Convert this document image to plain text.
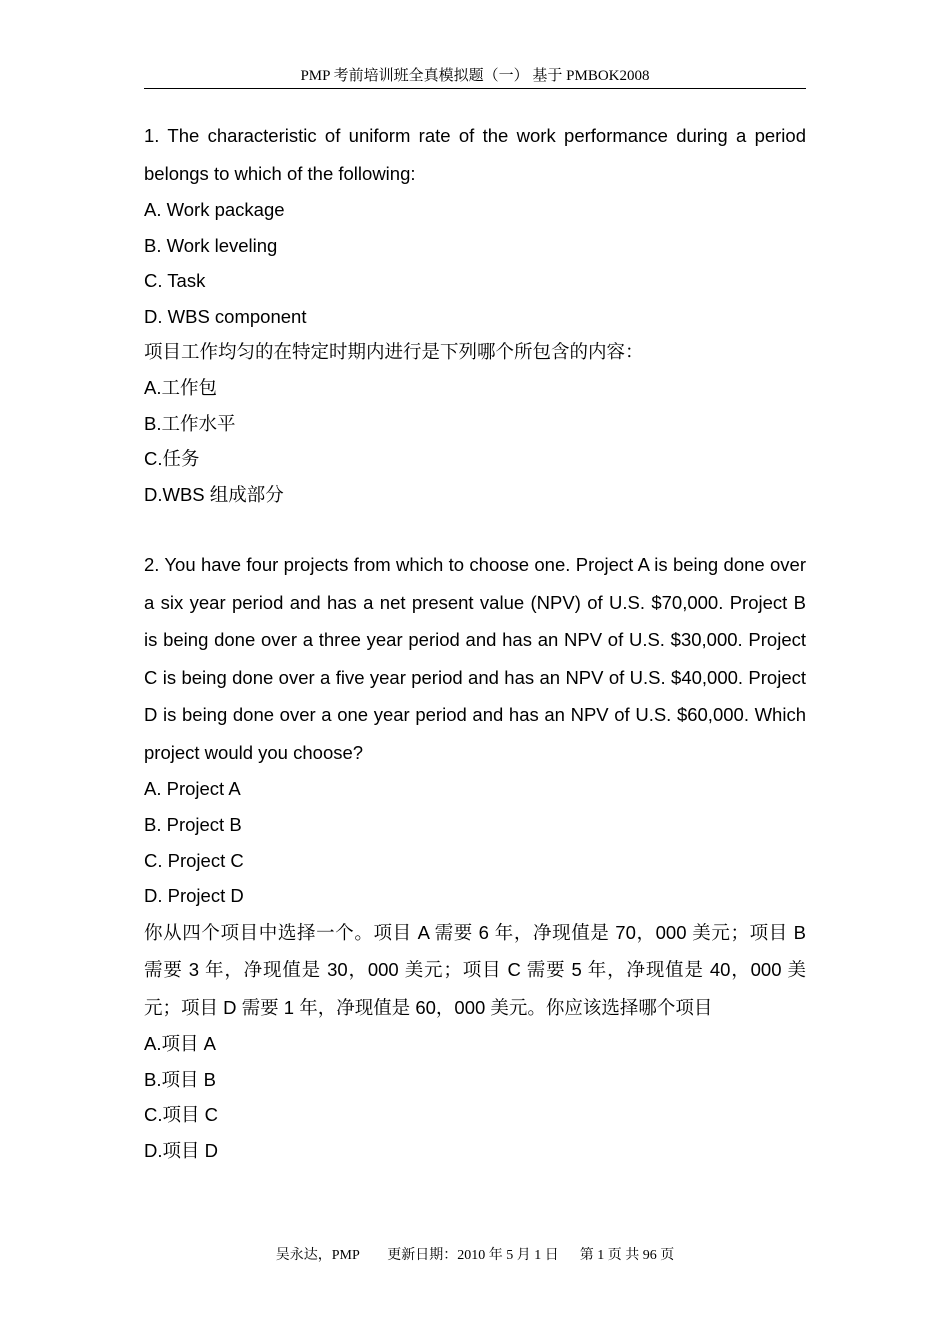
PMP 考前培训班全真模拟题（一） 基于 PMBOK2008

1. The characteristic of uniform rate of the work performance during a period belongs to which of the following:

A. Work package

B. Work leveling

C. Task

D. WBS component

项目工作均匀的在特定时期内进行是下列哪个所包含的内容：

A.工作包

B.工作水平

C.任务

D.WBS 组成部分

2. You have four projects from which to choose one. Project A is being done over a six year period and has a net present value (NPV) of U.S. $70,000. Project B is being done over a three year period and has an NPV of U.S. $30,000. Project C is being done over a five year period and has an NPV of U.S. $40,000. Project D is being done over a one year period and has an NPV of U.S. $60,000. Which project would you choose?

A. Project A

B. Project B

C. Project C

D. Project D

你从四个项目中选择一个。项目 A 需要 6 年，净现值是 70，000 美元；项目 B 需要 3 年，净现值是 30，000 美元；项目 C 需要 5 年，净现值是 40，000 美元；项目 D 需要 1 年，净现值是 60，000 美元。你应该选择哪个项目

A.项目 A

B.项目 B

C.项目 C

D.项目 D

吴永达，PMP 更新日期：2010 年 5 月 1 日 第 1 页 共 96 页
